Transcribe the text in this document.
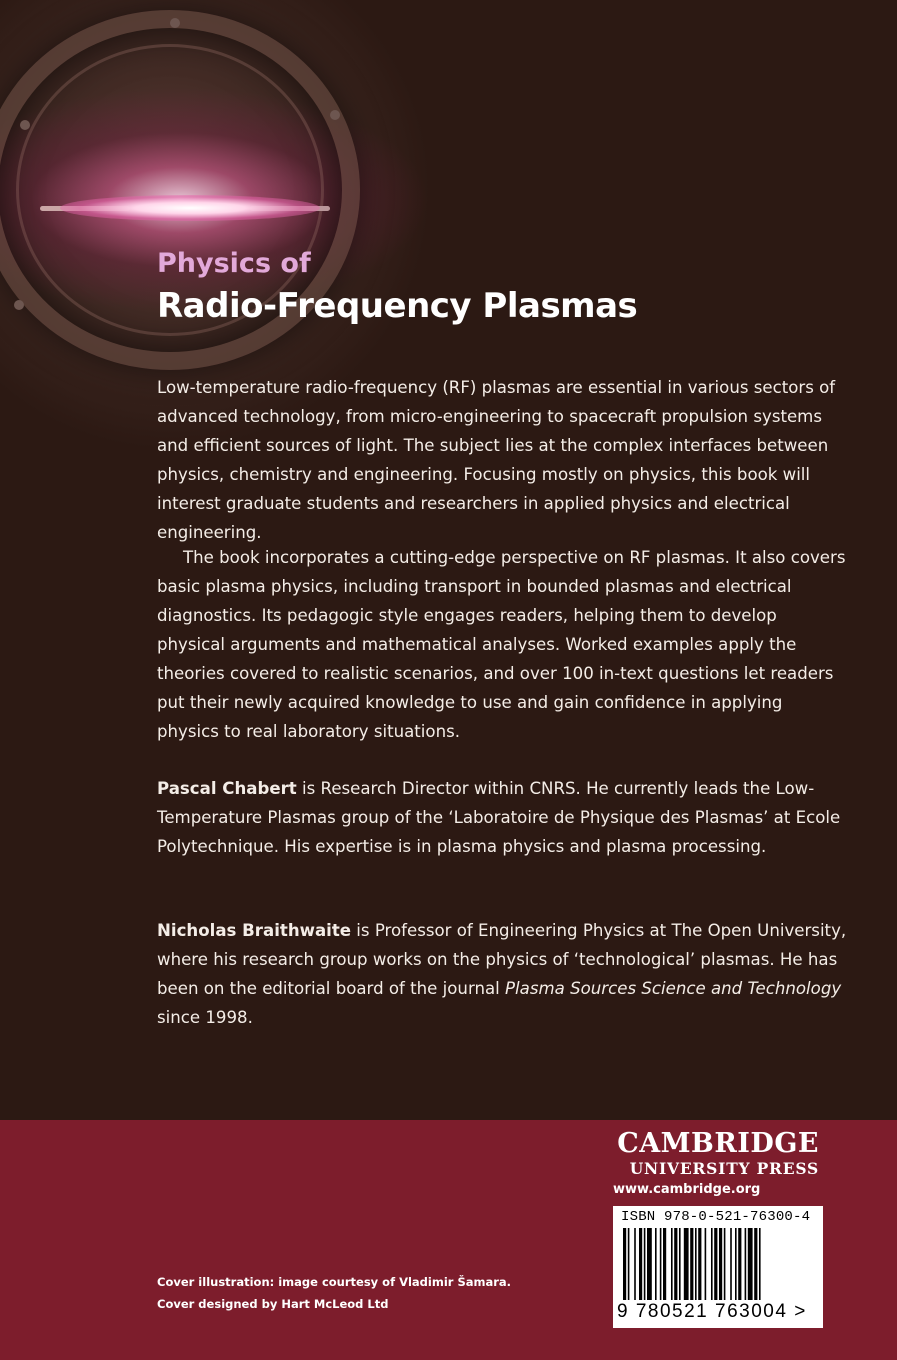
Physics of
Radio-Frequency Plasmas

Low-temperature radio-frequency (RF) plasmas are essential in various sectors of advanced technology, from micro-engineering to spacecraft propulsion systems and efficient sources of light. The subject lies at the complex interfaces between physics, chemistry and engineering. Focusing mostly on physics, this book will interest graduate students and researchers in applied physics and electrical engineering.

The book incorporates a cutting-edge perspective on RF plasmas. It also covers basic plasma physics, including transport in bounded plasmas and electrical diagnostics. Its pedagogic style engages readers, helping them to develop physical arguments and mathematical analyses. Worked examples apply the theories covered to realistic scenarios, and over 100 in-text questions let readers put their newly acquired knowledge to use and gain confidence in applying physics to real laboratory situations.

Pascal Chabert is Research Director within CNRS. He currently leads the Low-Temperature Plasmas group of the ‘Laboratoire de Physique des Plasmas’ at Ecole Polytechnique. His expertise is in plasma physics and plasma processing.

Nicholas Braithwaite is Professor of Engineering Physics at The Open University, where his research group works on the physics of ‘technological’ plasmas. He has been on the editorial board of the journal Plasma Sources Science and Technology since 1998.

CAMBRIDGE
UNIVERSITY PRESS
www.cambridge.org
ISBN 978-0-521-76300-4
9 780521 763004 >
Cover illustration: image courtesy of Vladimir Šamara.
Cover designed by Hart McLeod Ltd
